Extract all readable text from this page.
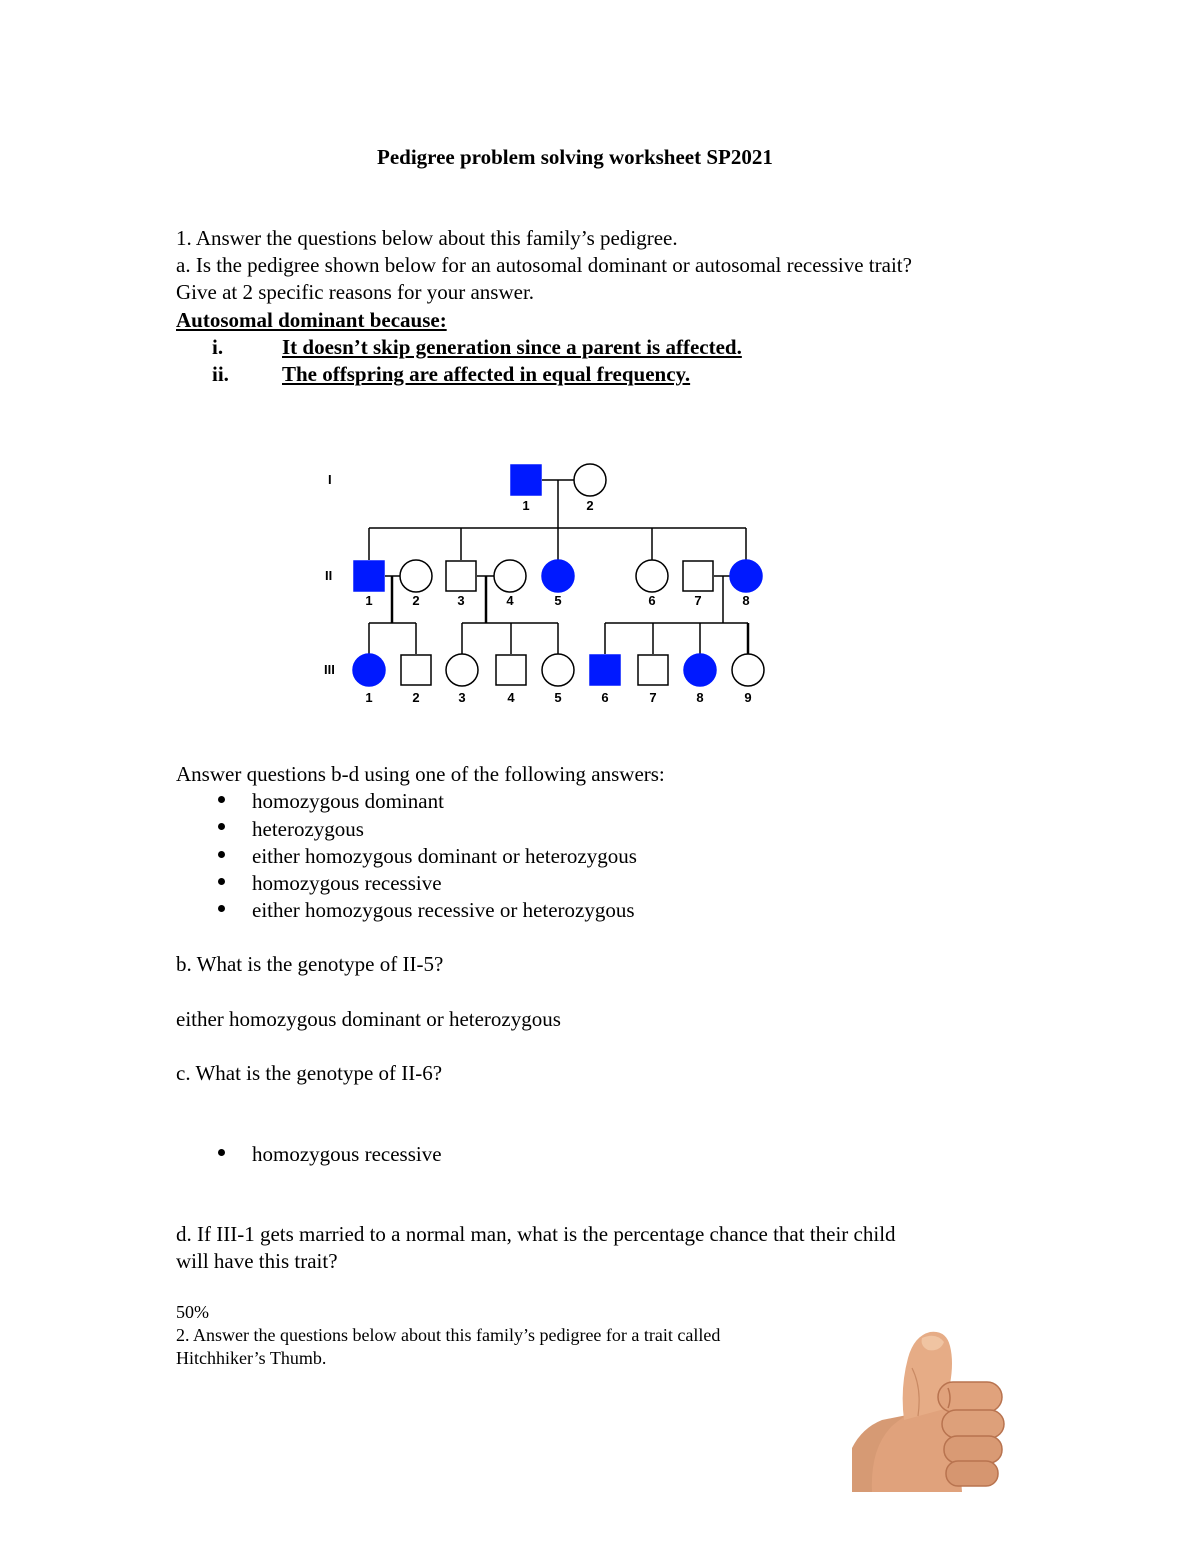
Pedigree problem solving worksheet SP2021
1. Answer the questions below about this family’s pedigree.
a. Is the pedigree shown below for an autosomal dominant or autosomal recessive trait?
Give at 2 specific reasons for your answer.
Autosomal dominant because:
i.	It doesn’t skip generation since a parent is affected.
ii.	The offspring are affected in equal frequency.
I
II
III
1	2
1	2	3	4	5	6	7	8
1	2	3	4	5	6	7	8	9
Answer questions b-d using one of the following answers:
homozygous dominant
heterozygous
either homozygous dominant or heterozygous
homozygous recessive
either homozygous recessive or heterozygous
b. What is the genotype of II-5?
either homozygous dominant or heterozygous
c. What is the genotype of II-6?
homozygous recessive
d. If III-1 gets married to a normal man, what is the percentage chance that their child
will have this trait?
50%
2. Answer the questions below about this family’s pedigree for a trait called
Hitchhiker’s Thumb.
